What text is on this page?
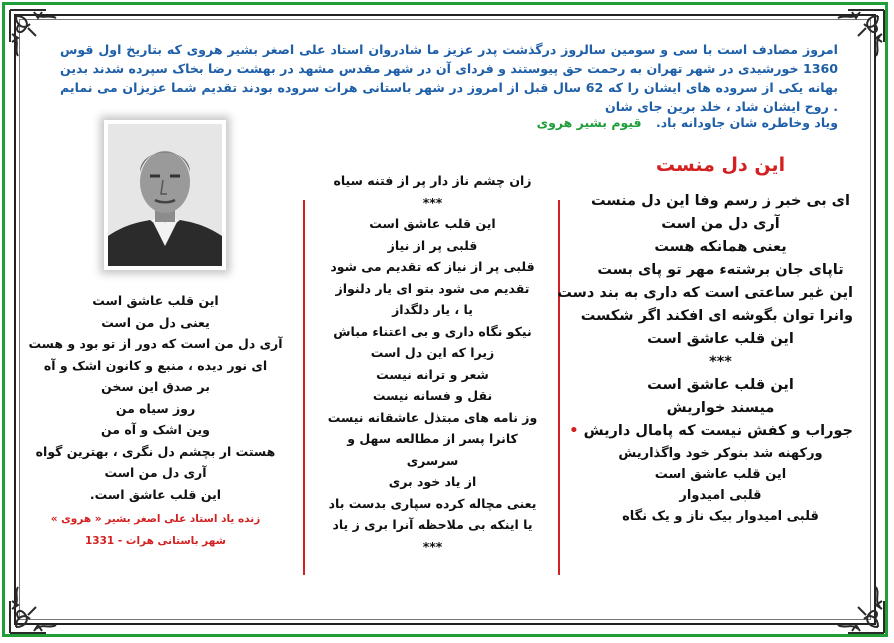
امروز مصادف است با سی و سومین سالروز درگذشت پدر عزیز ما شادروان استاد علی اصغر بشیر هروی که بتاریخ اول قوس 1360 خورشیدی در شهر تهران به رحمت حق پیوستند و فردای آن در شهر مقدس مشهد در بهشت رضا بخاک سپرده شدند بدین بهانه یکی از سروده های ایشان را که 62 سال قبل از امروز در شهر باستانی هرات سروده بودند تقدیم شما عزیزان می نمایم . روح ایشان شاد ، خلد برین جای شان
ویاد وخاطره شان جاودانه باد. قیوم بشیر هروی
این دل منست
ای بی خبر ز رسم وفا این دل منست
آری دل من است
یعنی همانکه هست
تاپای جان برشتهء مهر تو پای بست
این غیر ساعتی است که داری به بند دست
وانرا توان بگوشه ای افکند اگر شکست
این قلب عاشق است
***
این قلب عاشق است
میسند خواریش
جوراب و کفش نیست که پامال داریش •
ورکهنه شد بنوکر خود واگذاریش
این قلب عاشق است
قلبی امیدوار
قلبی امیدوار بیک ناز و یک نگاه
زان چشم ناز دار پر از فتنه سیاه
***
این قلب عاشق است
قلبی پر از نیاز
قلبی پر از نیاز که تقدیم می شود
تقدیم می شود بتو ای یار دلنواز
یا ، یار دلگداز
نیکو نگاه داری و بی اعتناء مباش
زیرا که این دل است
شعر و ترانه نیست
نقل و فسانه نیست
وز نامه های مبتذل عاشقانه نیست
کانرا پسر از مطالعه سهل و سرسری
از یاد خود بری
یعنی مچاله کرده سپاری بدست باد
یا اینکه بی ملاحظه آنرا بری ز یاد
***
این قلب عاشق است
یعنی دل من است
آری دل من است که دور از تو بود و هست
ای نور دیده ، منبع و کانون اشک و آه
بر صدق این سخن
روز سیاه من
وین اشک و آه من
هستت ار بچشم دل نگری ، بهترین گواه
آری دل من است
این قلب عاشق است.
زنده یاد استاد علی اصغر بشیر « هروی »
شهر باستانی هرات - 1331
